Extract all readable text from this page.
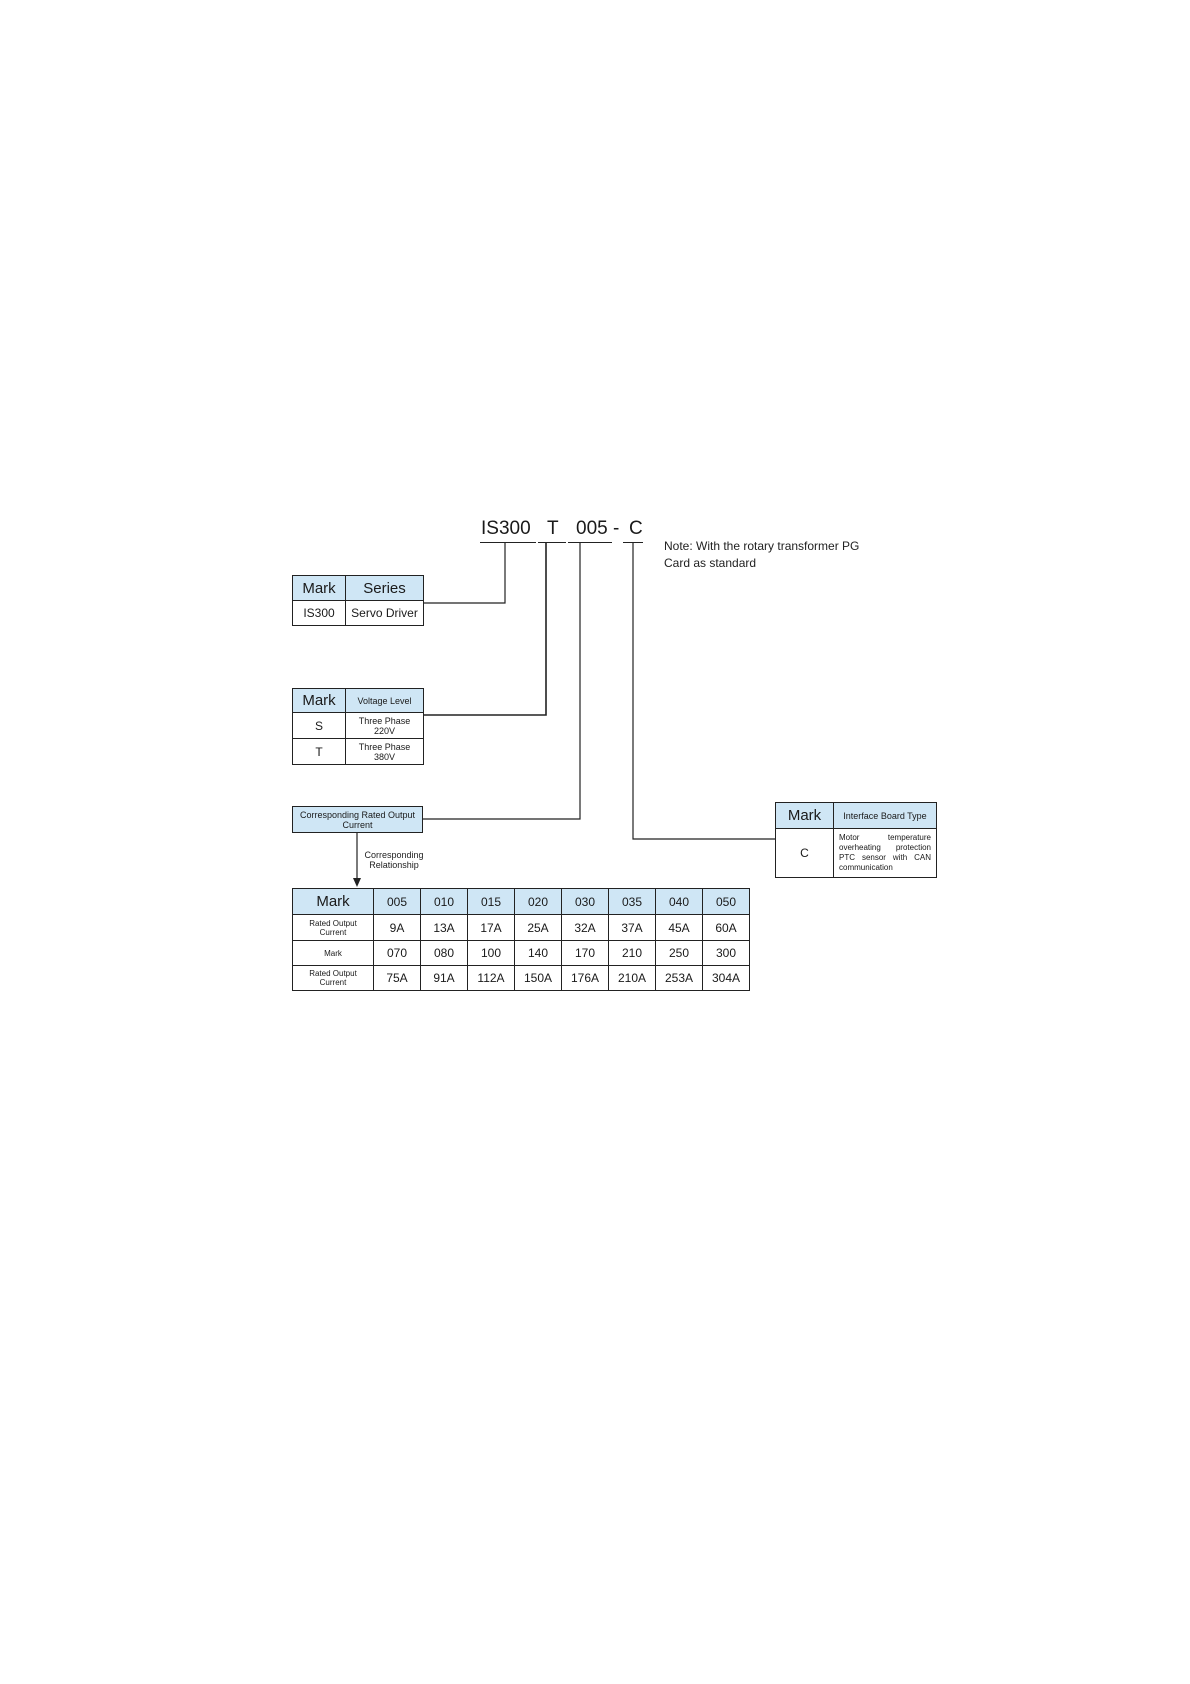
IS300 T 005 - C
Note: With the rotary transformer PG
Card as standard
Mark	Series
IS300	Servo Driver
Mark	Voltage Level
S	Three Phase
220V

T	Three Phase
380V
Corresponding Rated Output
Current
Corresponding
Relationship
Mark	005	010	015	020	030	035	040	050

Rated Output
Current	9A	13A	17A	25A	32A	37A	45A	60A
Mark	070	080	100	140	170	210	250	300

Rated Output
Current	75A	91A	112A	150A	176A	210A	253A	304A
Mark	Interface Board Type
C	Motor temperature overheating protection PTC sensor with CAN communication
